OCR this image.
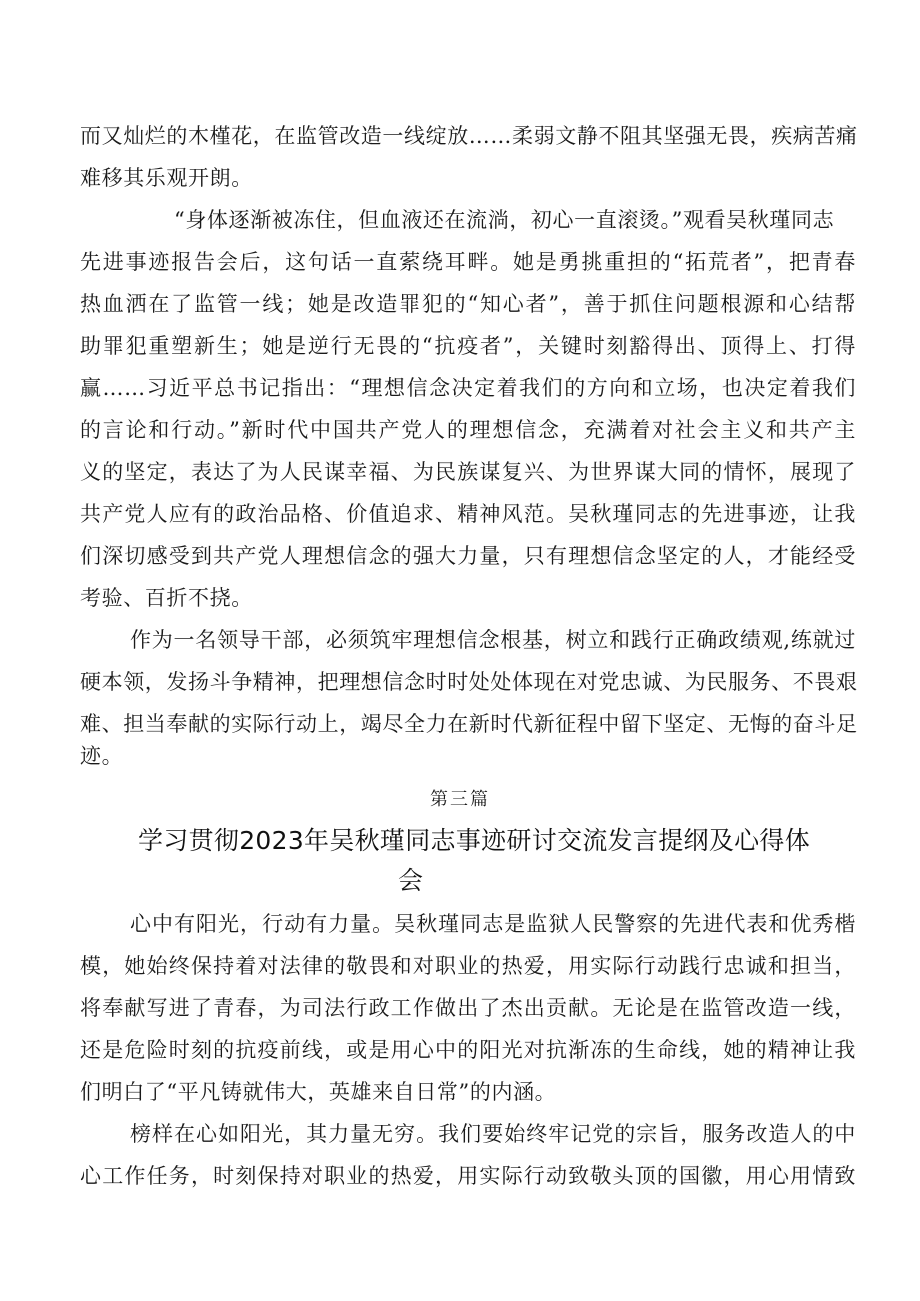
而又灿烂的木槿花，在监管改造一线绽放……柔弱文静不阻其坚强无畏，疾病苦痛
难移其乐观开朗。
“身体逐渐被冻住，但血液还在流淌，初心一直滚烫。”观看吴秋瑾同志
先进事迹报告会后，这句话一直萦绕耳畔。她是勇挑重担的“拓荒者”，把青春
热血洒在了监管一线；她是改造罪犯的“知心者”，善于抓住问题根源和心结帮
助罪犯重塑新生；她是逆行无畏的“抗疫者”，关键时刻豁得出、顶得上、打得
赢……习近平总书记指出：“理想信念决定着我们的方向和立场，也决定着我们
的言论和行动。”新时代中国共产党人的理想信念，充满着对社会主义和共产主
义的坚定，表达了为人民谋幸福、为民族谋复兴、为世界谋大同的情怀，展现了
共产党人应有的政治品格、价值追求、精神风范。吴秋瑾同志的先进事迹，让我
们深切感受到共产党人理想信念的强大力量，只有理想信念坚定的人，才能经受
考验、百折不挠。
作为一名领导干部，必须筑牢理想信念根基，树立和践行正确政绩观,练就过
硬本领，发扬斗争精神，把理想信念时时处处体现在对党忠诚、为民服务、不畏艰
难、担当奉献的实际行动上，竭尽全力在新时代新征程中留下坚定、无悔的奋斗足
迹。
第三篇
学习贯彻2023年吴秋瑾同志事迹研讨交流发言提纲及心得体
会
心中有阳光，行动有力量。吴秋瑾同志是监狱人民警察的先进代表和优秀楷
模，她始终保持着对法律的敬畏和对职业的热爱，用实际行动践行忠诚和担当，
将奉献写进了青春，为司法行政工作做出了杰出贡献。无论是在监管改造一线，
还是危险时刻的抗疫前线，或是用心中的阳光对抗渐冻的生命线，她的精神让我
们明白了“平凡铸就伟大，英雄来自日常”的内涵。
榜样在心如阳光，其力量无穷。我们要始终牢记党的宗旨，服务改造人的中
心工作任务，时刻保持对职业的热爱，用实际行动致敬头顶的国徽，用心用情致
